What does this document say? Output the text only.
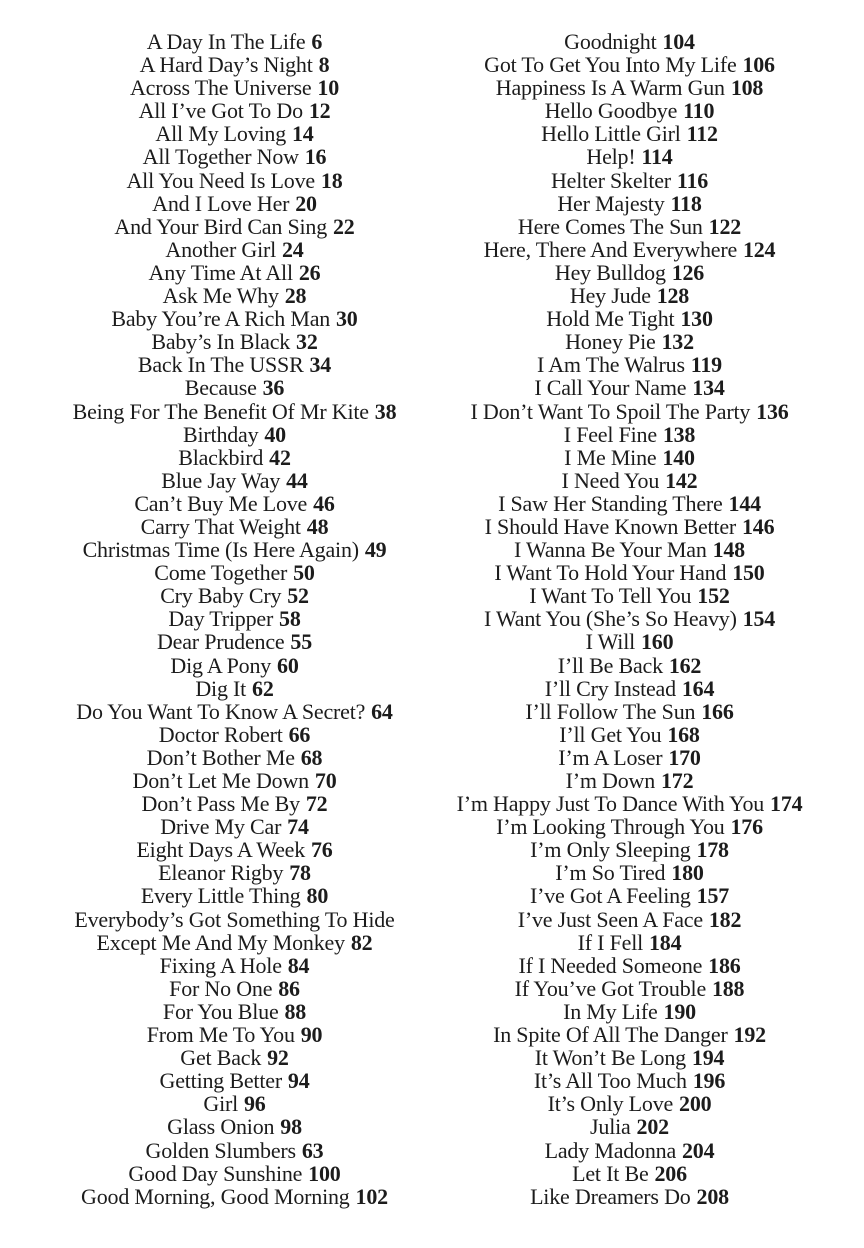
A Day In The Life 6

A Hard Day’s Night 8

Across The Universe 10

All I’ve Got To Do 12

All My Loving 14

All Together Now 16

All You Need Is Love 18

And I Love Her 20

And Your Bird Can Sing 22

Another Girl 24

Any Time At All 26

Ask Me Why 28

Baby You’re A Rich Man 30

Baby’s In Black 32

Back In The USSR 34

Because 36

Being For The Benefit Of Mr Kite 38

Birthday 40

Blackbird 42

Blue Jay Way 44

Can’t Buy Me Love 46

Carry That Weight 48

Christmas Time (Is Here Again) 49

Come Together 50

Cry Baby Cry 52

Day Tripper 58

Dear Prudence 55

Dig A Pony 60

Dig It 62

Do You Want To Know A Secret? 64

Doctor Robert 66

Don’t Bother Me 68

Don’t Let Me Down 70

Don’t Pass Me By 72

Drive My Car 74

Eight Days A Week 76

Eleanor Rigby 78

Every Little Thing 80

Everybody’s Got Something To Hide

Except Me And My Monkey 82

Fixing A Hole 84

For No One 86

For You Blue 88

From Me To You 90

Get Back 92

Getting Better 94

Girl 96

Glass Onion 98

Golden Slumbers 63

Good Day Sunshine 100

Good Morning, Good Morning 102

Goodnight 104

Got To Get You Into My Life 106

Happiness Is A Warm Gun 108

Hello Goodbye 110

Hello Little Girl 112

Help! 114

Helter Skelter 116

Her Majesty 118

Here Comes The Sun 122

Here, There And Everywhere 124

Hey Bulldog 126

Hey Jude 128

Hold Me Tight 130

Honey Pie 132

I Am The Walrus 119

I Call Your Name 134

I Don’t Want To Spoil The Party 136

I Feel Fine 138

I Me Mine 140

I Need You 142

I Saw Her Standing There 144

I Should Have Known Better 146

I Wanna Be Your Man 148

I Want To Hold Your Hand 150

I Want To Tell You 152

I Want You (She’s So Heavy) 154

I Will 160

I’ll Be Back 162

I’ll Cry Instead 164

I’ll Follow The Sun 166

I’ll Get You 168

I’m A Loser 170

I’m Down 172

I’m Happy Just To Dance With You 174

I’m Looking Through You 176

I’m Only Sleeping 178

I’m So Tired 180

I’ve Got A Feeling 157

I’ve Just Seen A Face 182

If I Fell 184

If I Needed Someone 186

If You’ve Got Trouble 188

In My Life 190

In Spite Of All The Danger 192

It Won’t Be Long 194

It’s All Too Much 196

It’s Only Love 200

Julia 202

Lady Madonna 204

Let It Be 206

Like Dreamers Do 208
